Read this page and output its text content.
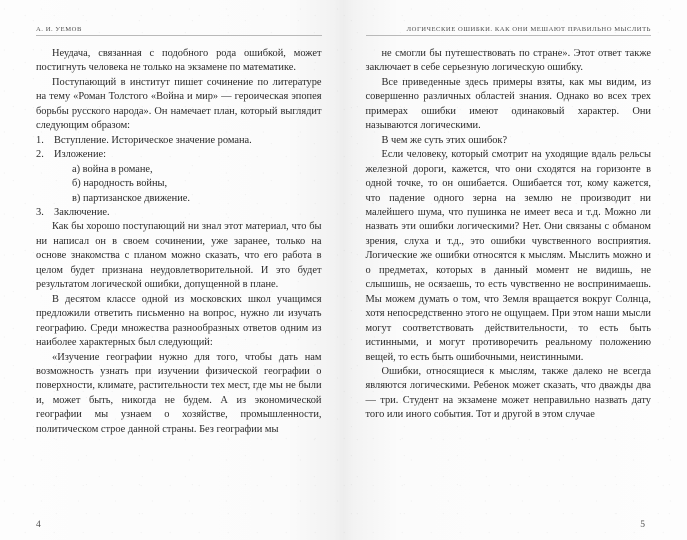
А. И. УЕМОВ

Неудача, связанная с подобного рода ошибкой, может постигнуть человека не только на экзамене по математике.

Поступающий в институт пишет сочинение по литературе на тему «Роман Толстого «Война и мир» — героическая эпопея борьбы русского народа». Он намечает план, который выглядит следующим образом:

1. Вступление. Историческое значение романа.
2. Изложение:
а) война в романе,
б) народность войны,
в) партизанское движение.
3. Заключение.

Как бы хорошо поступающий ни знал этот материал, что бы ни написал он в своем сочинении, уже заранее, только на основе знакомства с планом можно сказать, что его работа в целом будет признана неудовлетворительной. И это будет результатом логической ошибки, допущенной в плане.

В десятом классе одной из московских школ учащимся предложили ответить письменно на вопрос, нужно ли изучать географию. Среди множества разнообразных ответов одним из наиболее характерных был следующий:

«Изучение географии нужно для того, чтобы дать нам возможность узнать при изучении физической географии о поверхности, климате, растительности тех мест, где мы не были и, может быть, никогда не будем. А из экономической географии мы узнаем о хозяйстве, промышленности, политическом строе данной страны. Без географии мы

4
ЛОГИЧЕСКИЕ ОШИБКИ. КАК ОНИ МЕШАЮТ ПРАВИЛЬНО МЫСЛИТЬ

не смогли бы путешествовать по стране». Этот ответ также заключает в себе серьезную логическую ошибку.

Все приведенные здесь примеры взяты, как мы видим, из совершенно различных областей знания. Однако во всех трех примерах ошибки имеют одинаковый характер. Они называются логическими.

В чем же суть этих ошибок?

Если человеку, который смотрит на уходящие вдаль рельсы железной дороги, кажется, что они сходятся на горизонте в одной точке, то он ошибается. Ошибается тот, кому кажется, что падение одного зерна на землю не производит ни малейшего шума, что пушинка не имеет веса и т.д. Можно ли назвать эти ошибки логическими? Нет. Они связаны с обманом зрения, слуха и т.д., это ошибки чувственного восприятия. Логические же ошибки относятся к мыслям. Мыслить можно и о предметах, которых в данный момент не видишь, не слышишь, не осязаешь, то есть чувственно не воспринимаешь. Мы можем думать о том, что Земля вращается вокруг Солнца, хотя непосредственно этого не ощущаем. При этом наши мысли могут соответствовать действительности, то есть быть истинными, и могут противоречить реальному положению вещей, то есть быть ошибочными, неистинными.

Ошибки, относящиеся к мыслям, также далеко не всегда являются логическими. Ребенок может сказать, что дважды два — три. Студент на экзамене может неправильно назвать дату того или иного события. Тот и другой в этом случае

5
